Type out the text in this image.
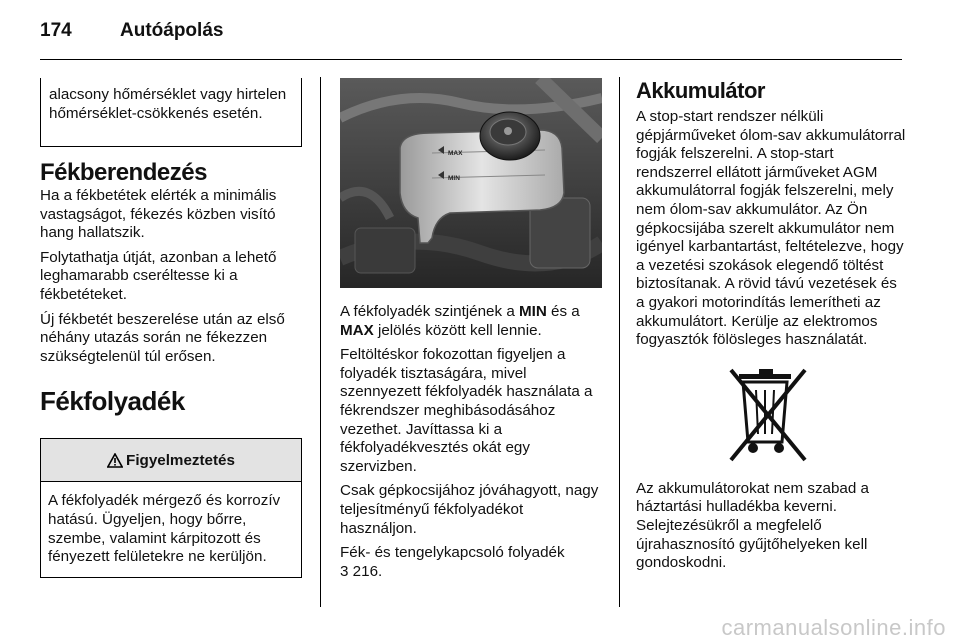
174	Autóápolás
alacsony hőmérséklet vagy hirtelen hőmérséklet-csökkenés esetén.
Fékberendezés

Ha a fékbetétek elérték a minimális vastagságot, fékezés közben visító hang hallatszik.

Folytathatja útját, azonban a lehető leghamarabb cseréltesse ki a fékbetéteket.

Új fékbetét beszerelése után az első néhány utazás során ne fékezzen szükségtelenül túl erősen.

Fékfolyadék
Figyelmeztetés
A fékfolyadék mérgező és korrozív hatású. Ügyeljen, hogy bőrre, szembe, valamint kárpitozott és fényezett felületekre ne kerüljön.
MAX
MIN

A fékfolyadék szintjének a MIN és a MAX jelölés között kell lennie.

Feltöltéskor fokozottan figyeljen a folyadék tisztaságára, mivel szennyezett fékfolyadék használata a fékrendszer meghibásodásához vezethet. Javíttassa ki a fékfolyadékvesztés okát egy szervizben.

Csak gépkocsijához jóváhagyott, nagy teljesítményű fékfolyadékot használjon.

Fék- és tengelykapcsoló folyadék
3 216.

Akkumulátor

A stop-start rendszer nélküli gépjárműveket ólom-sav akkumulátorral fogják felszerelni. A stop-start rendszerrel ellátott járműveket AGM akkumulátorral fogják felszerelni, mely nem ólom-sav akkumulátor. Az Ön gépkocsijába szerelt akkumulátor nem igényel karbantartást, feltételezve, hogy a vezetési szokások elegendő töltést biztosítanak. A rövid távú vezetések és a gyakori motorindítás lemerítheti az akkumulátort. Kerülje az elektromos fogyasztók fölösleges használatát.

Az akkumulátorokat nem szabad a háztartási hulladékba keverni. Selejtezésükről a megfelelő újrahasznosító gyűjtőhelyeken kell gondoskodni.

carmanualsonline.info
